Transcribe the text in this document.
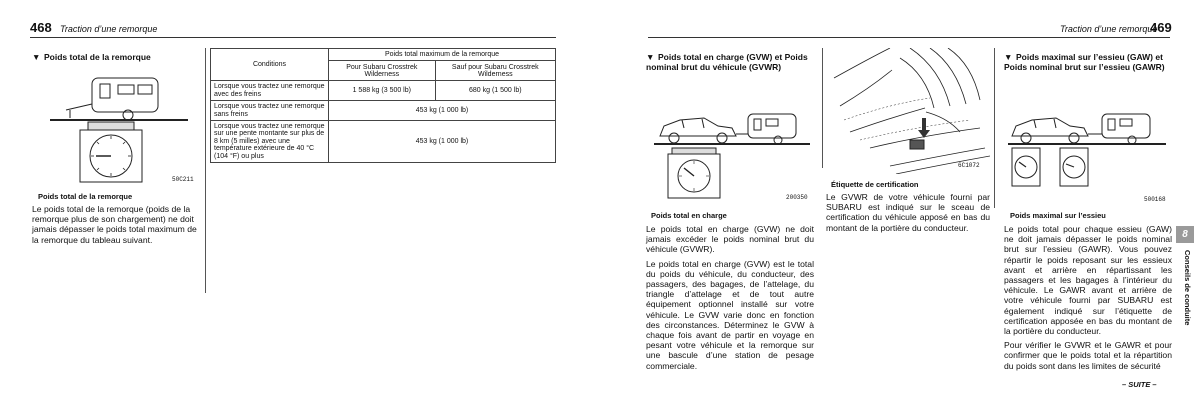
468 Traction d’une remorque
▼ Poids total de la remorque
50C211
Poids total de la remorque
Le poids total de la remorque (poids de la remorque plus de son chargement) ne doit jamais dépasser le poids total maximum de la remorque du tableau suivant.
Conditions	Poids total maximum de la remorque	
	Pour Subaru Crosstrek Wilderness	Sauf pour Subaru Crosstrek Wilderness
Lorsque vous tractez une remorque avec des freins	1 588 kg (3 500 lb)	680 kg (1 500 lb)
Lorsque vous tractez une remorque sans freins	453 kg (1 000 lb)	
Lorsque vous tractez une remorque sur une pente montante sur plus de 8 km (5 milles) avec une température extérieure de 40 °C (104 °F) ou plus	453 kg (1 000 lb)	
Traction d’une remorque
469
▼ Poids total en charge (GVW) et Poids nominal brut du véhicule (GVWR)
200350
Poids total en charge

Le poids total en charge (GVW) ne doit jamais excéder le poids nominal brut du véhicule (GVWR).

Le poids total en charge (GVW) est le total du poids du véhicule, du conducteur, des passagers, des bagages, de l’attelage, du triangle d’attelage et de tout autre équipement optionnel installé sur votre véhicule. Le GVW varie donc en fonction des circonstances. Déterminez le GVW à chaque fois avant de partir en voyage en pesant votre véhicule et la remorque sur une bascule d’une station de pesage commerciale.

6C1072
Étiquette de certification
Le GVWR de votre véhicule fourni par SUBARU est indiqué sur le sceau de certification du véhicule apposé en bas du montant de la portière du conducteur.
▼ Poids maximal sur l’essieu (GAW) et Poids nominal brut sur l’essieu (GAWR)
500168
Poids maximal sur l’essieu

Le poids total pour chaque essieu (GAW) ne doit jamais dépasser le poids nominal brut sur l’essieu (GAWR). Vous pouvez répartir le poids reposant sur les essieux avant et arrière en répartissant les passagers et les bagages à l’intérieur du véhicule. Le GAWR avant et arrière de votre véhicule fourni par SUBARU est également indiqué sur l’étiquette de certification apposée en bas du montant de la portière du conducteur.

Pour vérifier le GVWR et le GAWR et pour confirmer que le poids total et la répartition du poids sont dans les limites de sécurité

– SUITE –
8
Conseils de conduite
